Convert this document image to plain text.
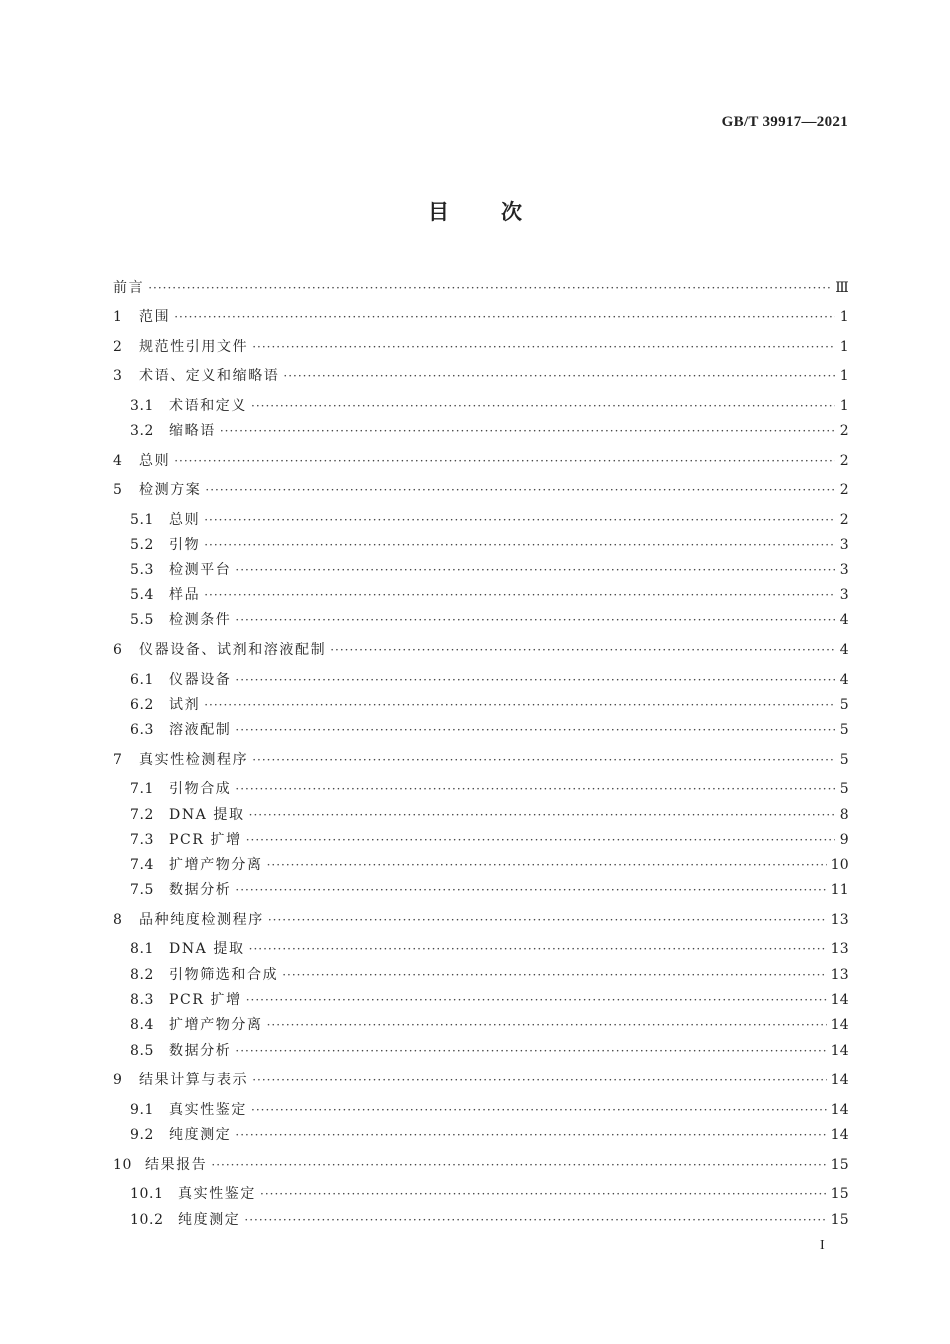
GB/T 39917—2021
目次
前言 ·····	Ⅲ
1	范围 ·····	1
2	规范性引用文件 ·····	1
3	术语、定义和缩略语 ·····	1
3.1	术语和定义 ·····	1
3.2	缩略语 ·····	2
4	总则 ·····	2
5	检测方案 ·····	2
5.1	总则 ·····	2
5.2	引物 ·····	3
5.3	检测平台 ·····	3
5.4	样品 ·····	3
5.5	检测条件 ·····	4
6	仪器设备、试剂和溶液配制 ·····	4
6.1	仪器设备 ·····	4
6.2	试剂 ·····	5
6.3	溶液配制 ·····	5
7	真实性检测程序 ·····	5
7.1	引物合成 ·····	5
7.2	DNA 提取 ·····	8
7.3	PCR 扩增 ·····	9
7.4	扩增产物分离 ·····	10
7.5	数据分析 ·····	11
8	品种纯度检测程序 ·····	13
8.1	DNA 提取 ·····	13
8.2	引物筛选和合成 ·····	13
8.3	PCR 扩增 ·····	14
8.4	扩增产物分离 ·····	14
8.5	数据分析 ·····	14
9	结果计算与表示 ·····	14
9.1	真实性鉴定 ·····	14
9.2	纯度测定 ·····	14
10 结果报告 ·····	15
10.1	真实性鉴定 ·····	15
10.2	纯度测定 ·····	15
I
